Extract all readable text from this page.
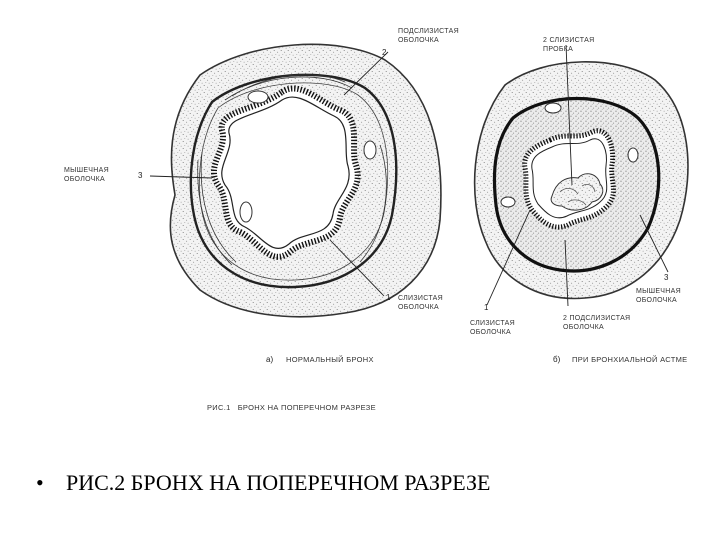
ПОДСЛИЗИСТАЯ ОБОЛОЧКА
2
МЫШЕЧНАЯ ОБОЛОЧКА	3
СЛИЗИСТАЯ ОБОЛОЧКА
1
а) НОРМАЛЬНЫЙ БРОНХ
2 СЛИЗИСТАЯ ПРОБКА
3
МЫШЕЧНАЯ ОБОЛОЧКА
1
СЛИЗИСТАЯ ОБОЛОЧКА
2 ПОДСЛИЗИСТАЯ ОБОЛОЧКА
б) ПРИ БРОНХИАЛЬНОЙ АСТМЕ
РИС.1   БРОНХ НА ПОПЕРЕЧНОМ РАЗРЕЗЕ
• РИС.2 БРОНХ НА ПОПЕРЕЧНОМ РАЗРЕЗЕ
